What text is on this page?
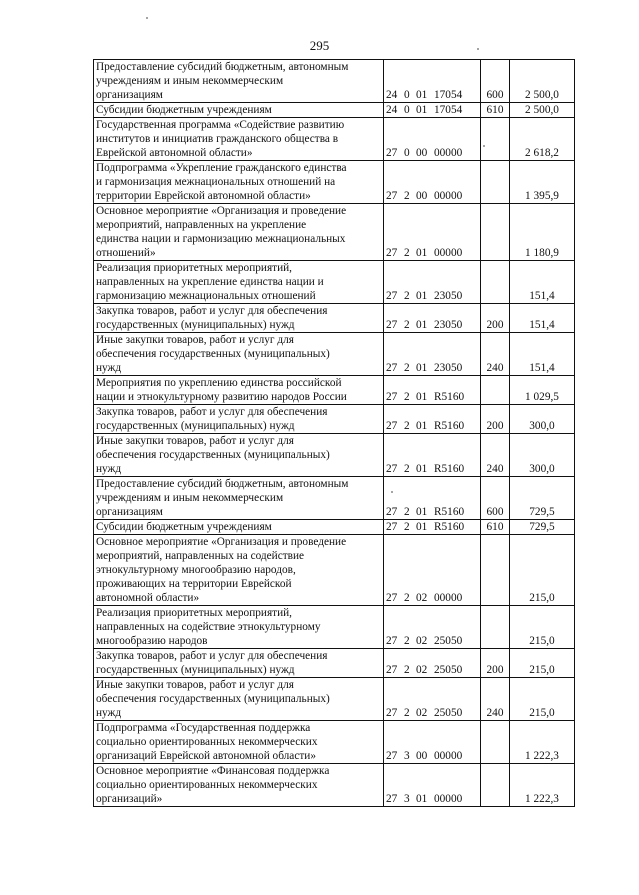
295
Предоставление субсидий бюджетным, автономным
учреждениям и иным некоммерческим
организациям	24 0 01 17054	600	2 500,0

Субсидии бюджетным учреждениям	24 0 01 17054	610	2 500,0

Государственная программа «Содействие развитию
институтов и инициатив гражданского общества в
Еврейской автономной области»	27 0 00 00000		2 618,2

Подпрограмма «Укрепление гражданского единства
и гармонизация межнациональных отношений на
территории Еврейской автономной области»	27 2 00 00000		1 395,9

Основное мероприятие «Организация и проведение
мероприятий, направленных на укрепление
единства нации и гармонизацию межнациональных
отношений»	27 2 01 00000		1 180,9

Реализация приоритетных мероприятий,
направленных на укрепление единства нации и
гармонизацию межнациональных отношений	27 2 01 23050		151,4

Закупка товаров, работ и услуг для обеспечения
государственных (муниципальных) нужд	27 2 01 23050	200	151,4

Иные закупки товаров, работ и услуг для
обеспечения государственных (муниципальных)
нужд	27 2 01 23050	240	151,4

Мероприятия по укреплению единства российской
нации и этнокультурному развитию народов России	27 2 01 R5160		1 029,5

Закупка товаров, работ и услуг для обеспечения
государственных (муниципальных) нужд	27 2 01 R5160	200	300,0

Иные закупки товаров, работ и услуг для
обеспечения государственных (муниципальных)
нужд	27 2 01 R5160	240	300,0

Предоставление субсидий бюджетным, автономным
учреждениям и иным некоммерческим
организациям	27 2 01 R5160	600	729,5

Субсидии бюджетным учреждениям	27 2 01 R5160	610	729,5

Основное мероприятие «Организация и проведение
мероприятий, направленных на содействие
этнокультурному многообразию народов,
проживающих на территории Еврейской
автономной области»	27 2 02 00000		215,0

Реализация приоритетных мероприятий,
направленных на содействие этнокультурному
многообразию народов	27 2 02 25050		215,0

Закупка товаров, работ и услуг для обеспечения
государственных (муниципальных) нужд	27 2 02 25050	200	215,0

Иные закупки товаров, работ и услуг для
обеспечения государственных (муниципальных)
нужд	27 2 02 25050	240	215,0

Подпрограмма «Государственная поддержка
социально ориентированных некоммерческих
организаций Еврейской автономной области»	27 3 00 00000		1 222,3

Основное мероприятие «Финансовая поддержка
социально ориентированных некоммерческих
организаций»	27 3 01 00000		1 222,3
